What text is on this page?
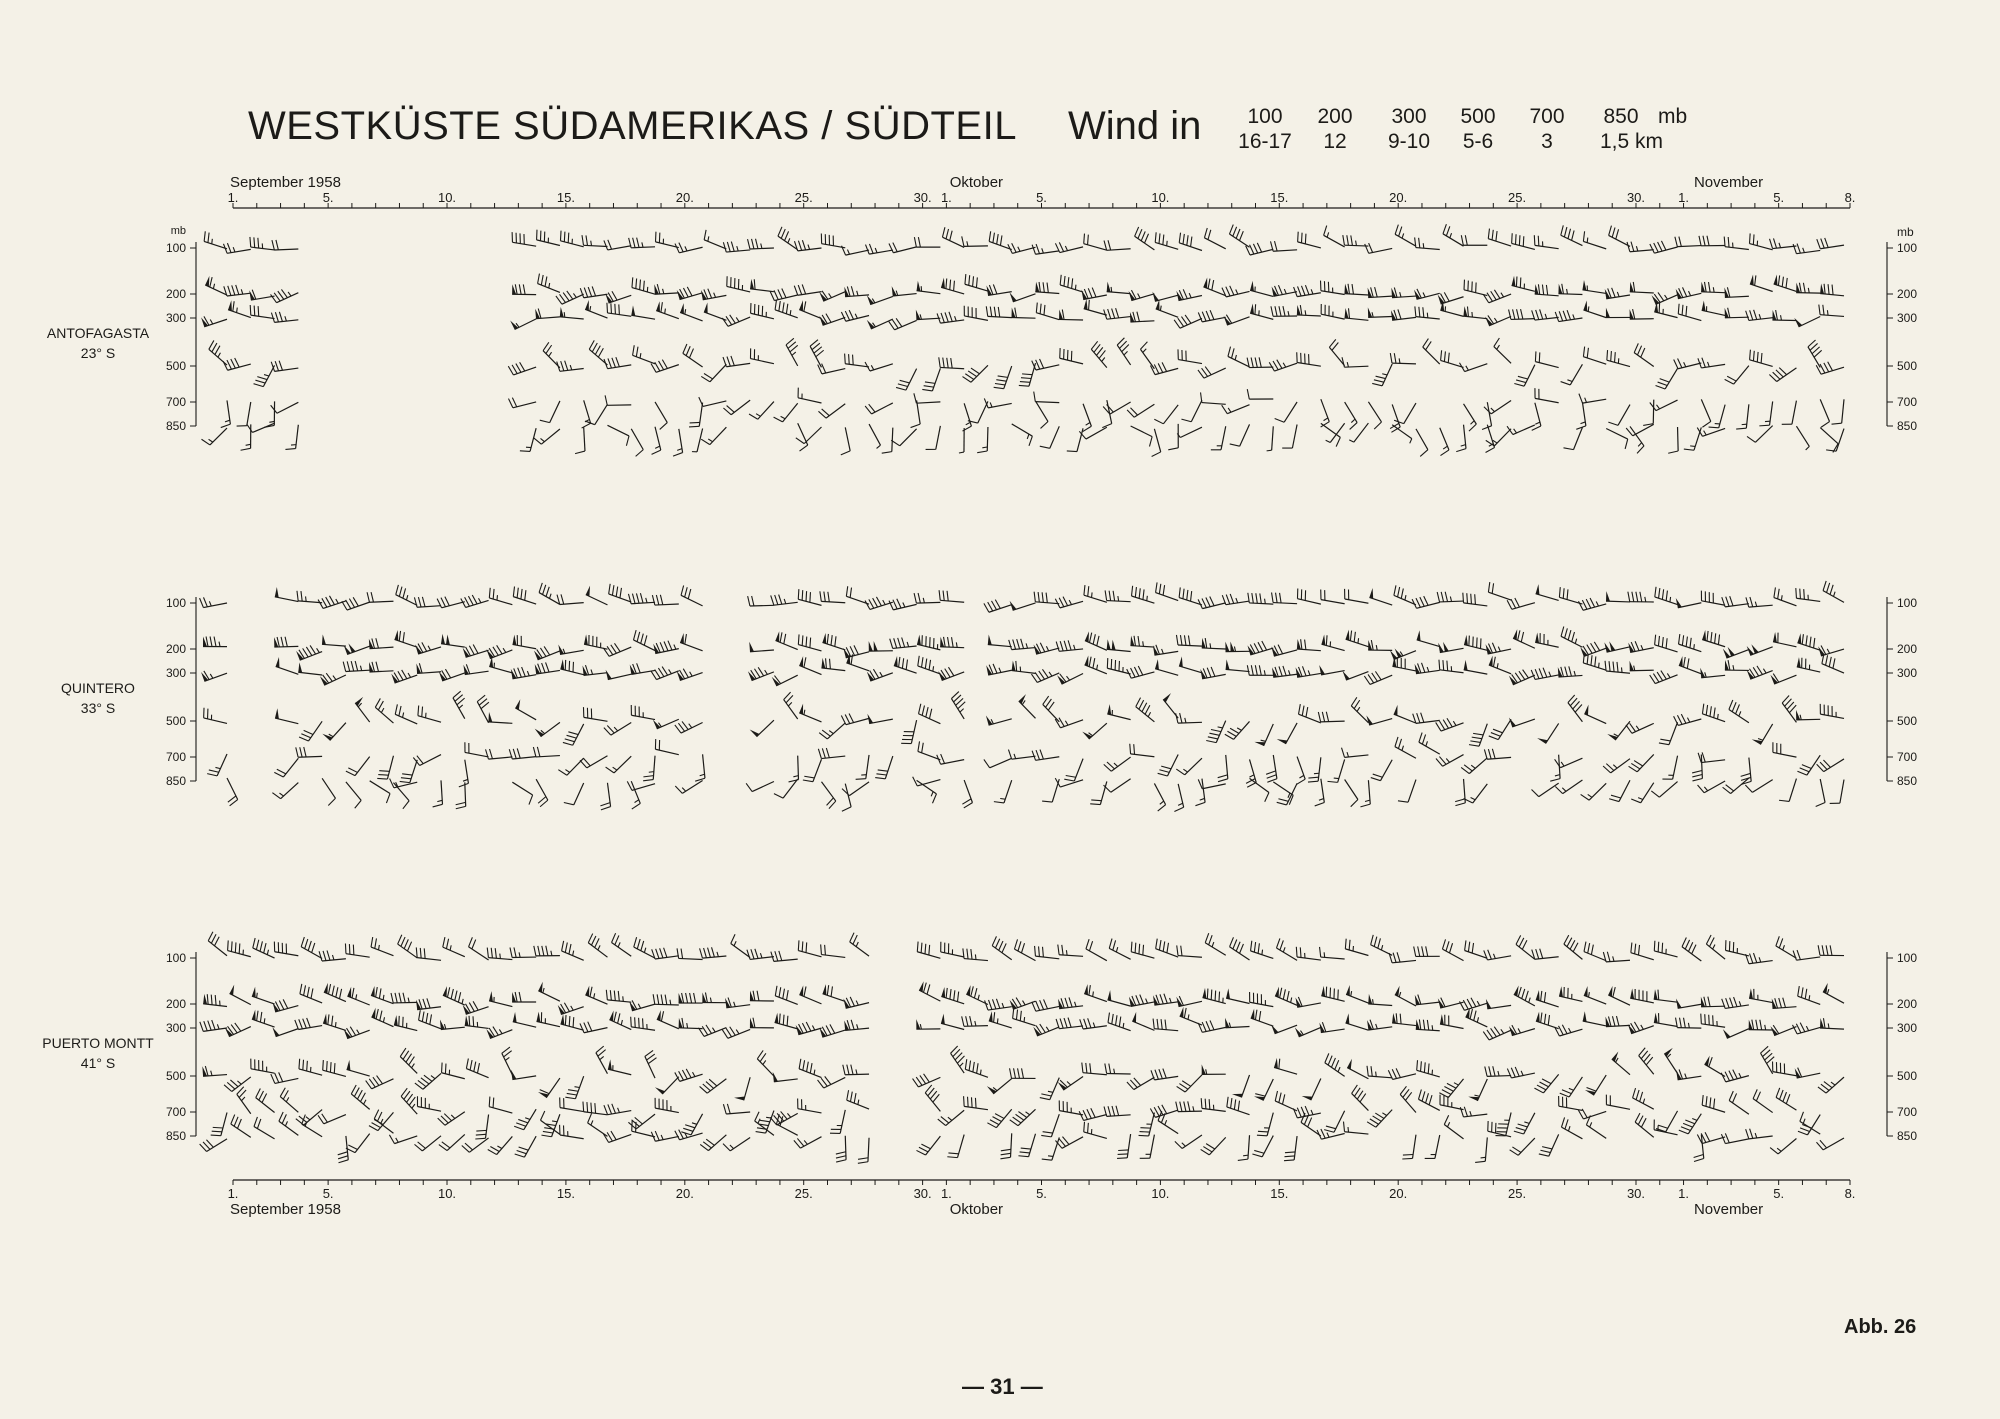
WESTKÜSTE SÜDAMERIKAS / SÜDTEIL Wind in	100
16-17
200
12
300
9-10
500
5-6
700
3
850 mb
1,5 km
1.	5.	10.	15.	20.	25.	30. 1.	5.	10.	15.	20.	25.	30.	1.	5.	8.
September 1958	Oktober	November
1.	5.	10.	15.	20.	25.	30. 1.	5.	10.	15.	20.	25.	30.	1.	5.	8.
September 1958	Oktober	November
100	100
200	200
300	300
500	500
700	700
850	850
mb	mb
ANTOFAGASTA
23° S
100	100
200	200
300	300
500	500
700	700
850	850
QUINTERO
33° S
100	100
200	200
300	300
500	500
700	700
850	850
PUERTO MONTT
41° S
Abb. 26
— 31 —
